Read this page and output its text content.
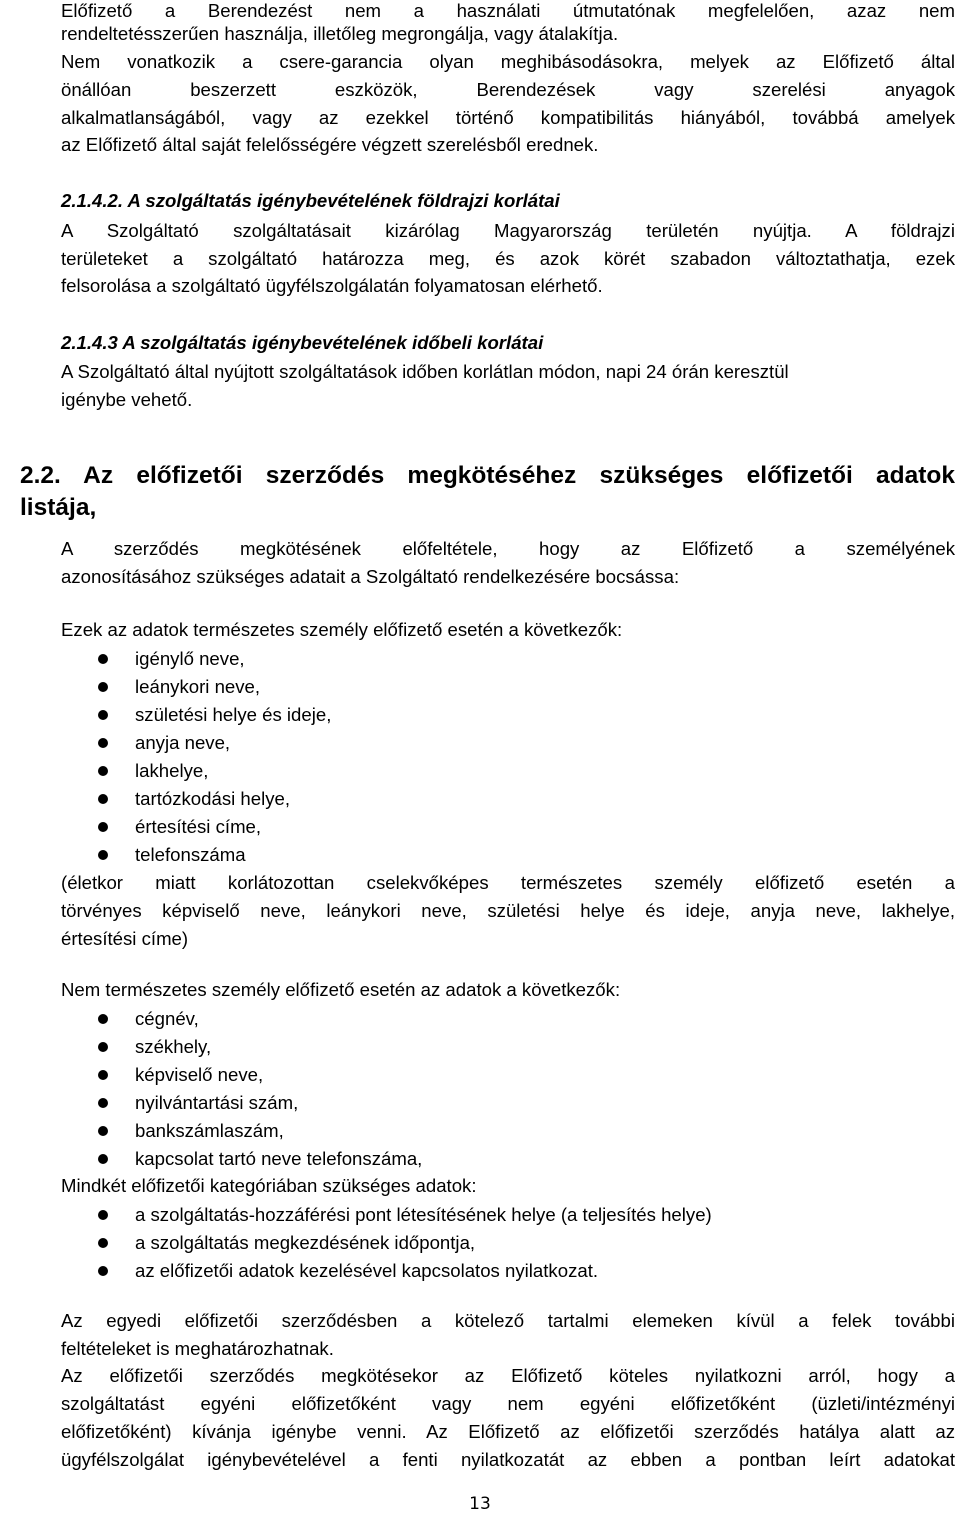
Előfizető a Berendezést nem a használati útmutatónak megfelelően, azaz nem
rendeltetésszerűen használja, illetőleg megrongálja, vagy átalakítja.
Nem vonatkozik a csere-garancia olyan meghibásodásokra, melyek az Előfizető által
önállóan beszerzett eszközök, Berendezések vagy szerelési anyagok
alkalmatlanságából, vagy az ezekkel történő kompatibilitás hiányából, továbbá amelyek
az Előfizető által saját felelősségére végzett szerelésből erednek.
2.1.4.2. A szolgáltatás igénybevételének földrajzi korlátai
A Szolgáltató szolgáltatásait kizárólag Magyarország területén nyújtja. A földrajzi
területeket a szolgáltató határozza meg, és azok körét szabadon változtathatja, ezek
felsorolása a szolgáltató ügyfélszolgálatán folyamatosan elérhető.
2.1.4.3 A szolgáltatás igénybevételének időbeli korlátai
A Szolgáltató által nyújtott szolgáltatások időben korlátlan módon, napi 24 órán keresztül
igénybe vehető.
2.2. Az előfizetői szerződés megkötéséhez szükséges előfizetői adatok
listája,
A szerződés megkötésének előfeltétele, hogy az Előfizető a személyének
azonosításához szükséges adatait a Szolgáltató rendelkezésére bocsássa:
Ezek az adatok természetes személy előfizető esetén a következők:
igénylő neve,
leánykori neve,
születési helye és ideje,
anyja neve,
lakhelye,
tartózkodási helye,
értesítési címe,
telefonszáma
(életkor miatt korlátozottan cselekvőképes természetes személy előfizető esetén a
törvényes képviselő neve, leánykori neve, születési helye és ideje, anyja neve, lakhelye,
értesítési címe)
Nem természetes személy előfizető esetén az adatok a következők:
cégnév,
székhely,
képviselő neve,
nyilvántartási szám,
bankszámlaszám,
kapcsolat tartó neve telefonszáma,
Mindkét előfizetői kategóriában szükséges adatok:
a szolgáltatás-hozzáférési pont létesítésének helye (a teljesítés helye)
a szolgáltatás megkezdésének időpontja,
az előfizetői adatok kezelésével kapcsolatos nyilatkozat.
Az egyedi előfizetői szerződésben a kötelező tartalmi elemeken kívül a felek további
feltételeket is meghatározhatnak.
Az előfizetői szerződés megkötésekor az Előfizető köteles nyilatkozni arról, hogy a
szolgáltatást egyéni előfizetőként vagy nem egyéni előfizetőként (üzleti/intézményi
előfizetőként) kívánja igénybe venni. Az Előfizető az előfizetői szerződés hatálya alatt az
ügyfélszolgálat igénybevételével a fenti nyilatkozatát az ebben a pontban leírt adatokat
13
